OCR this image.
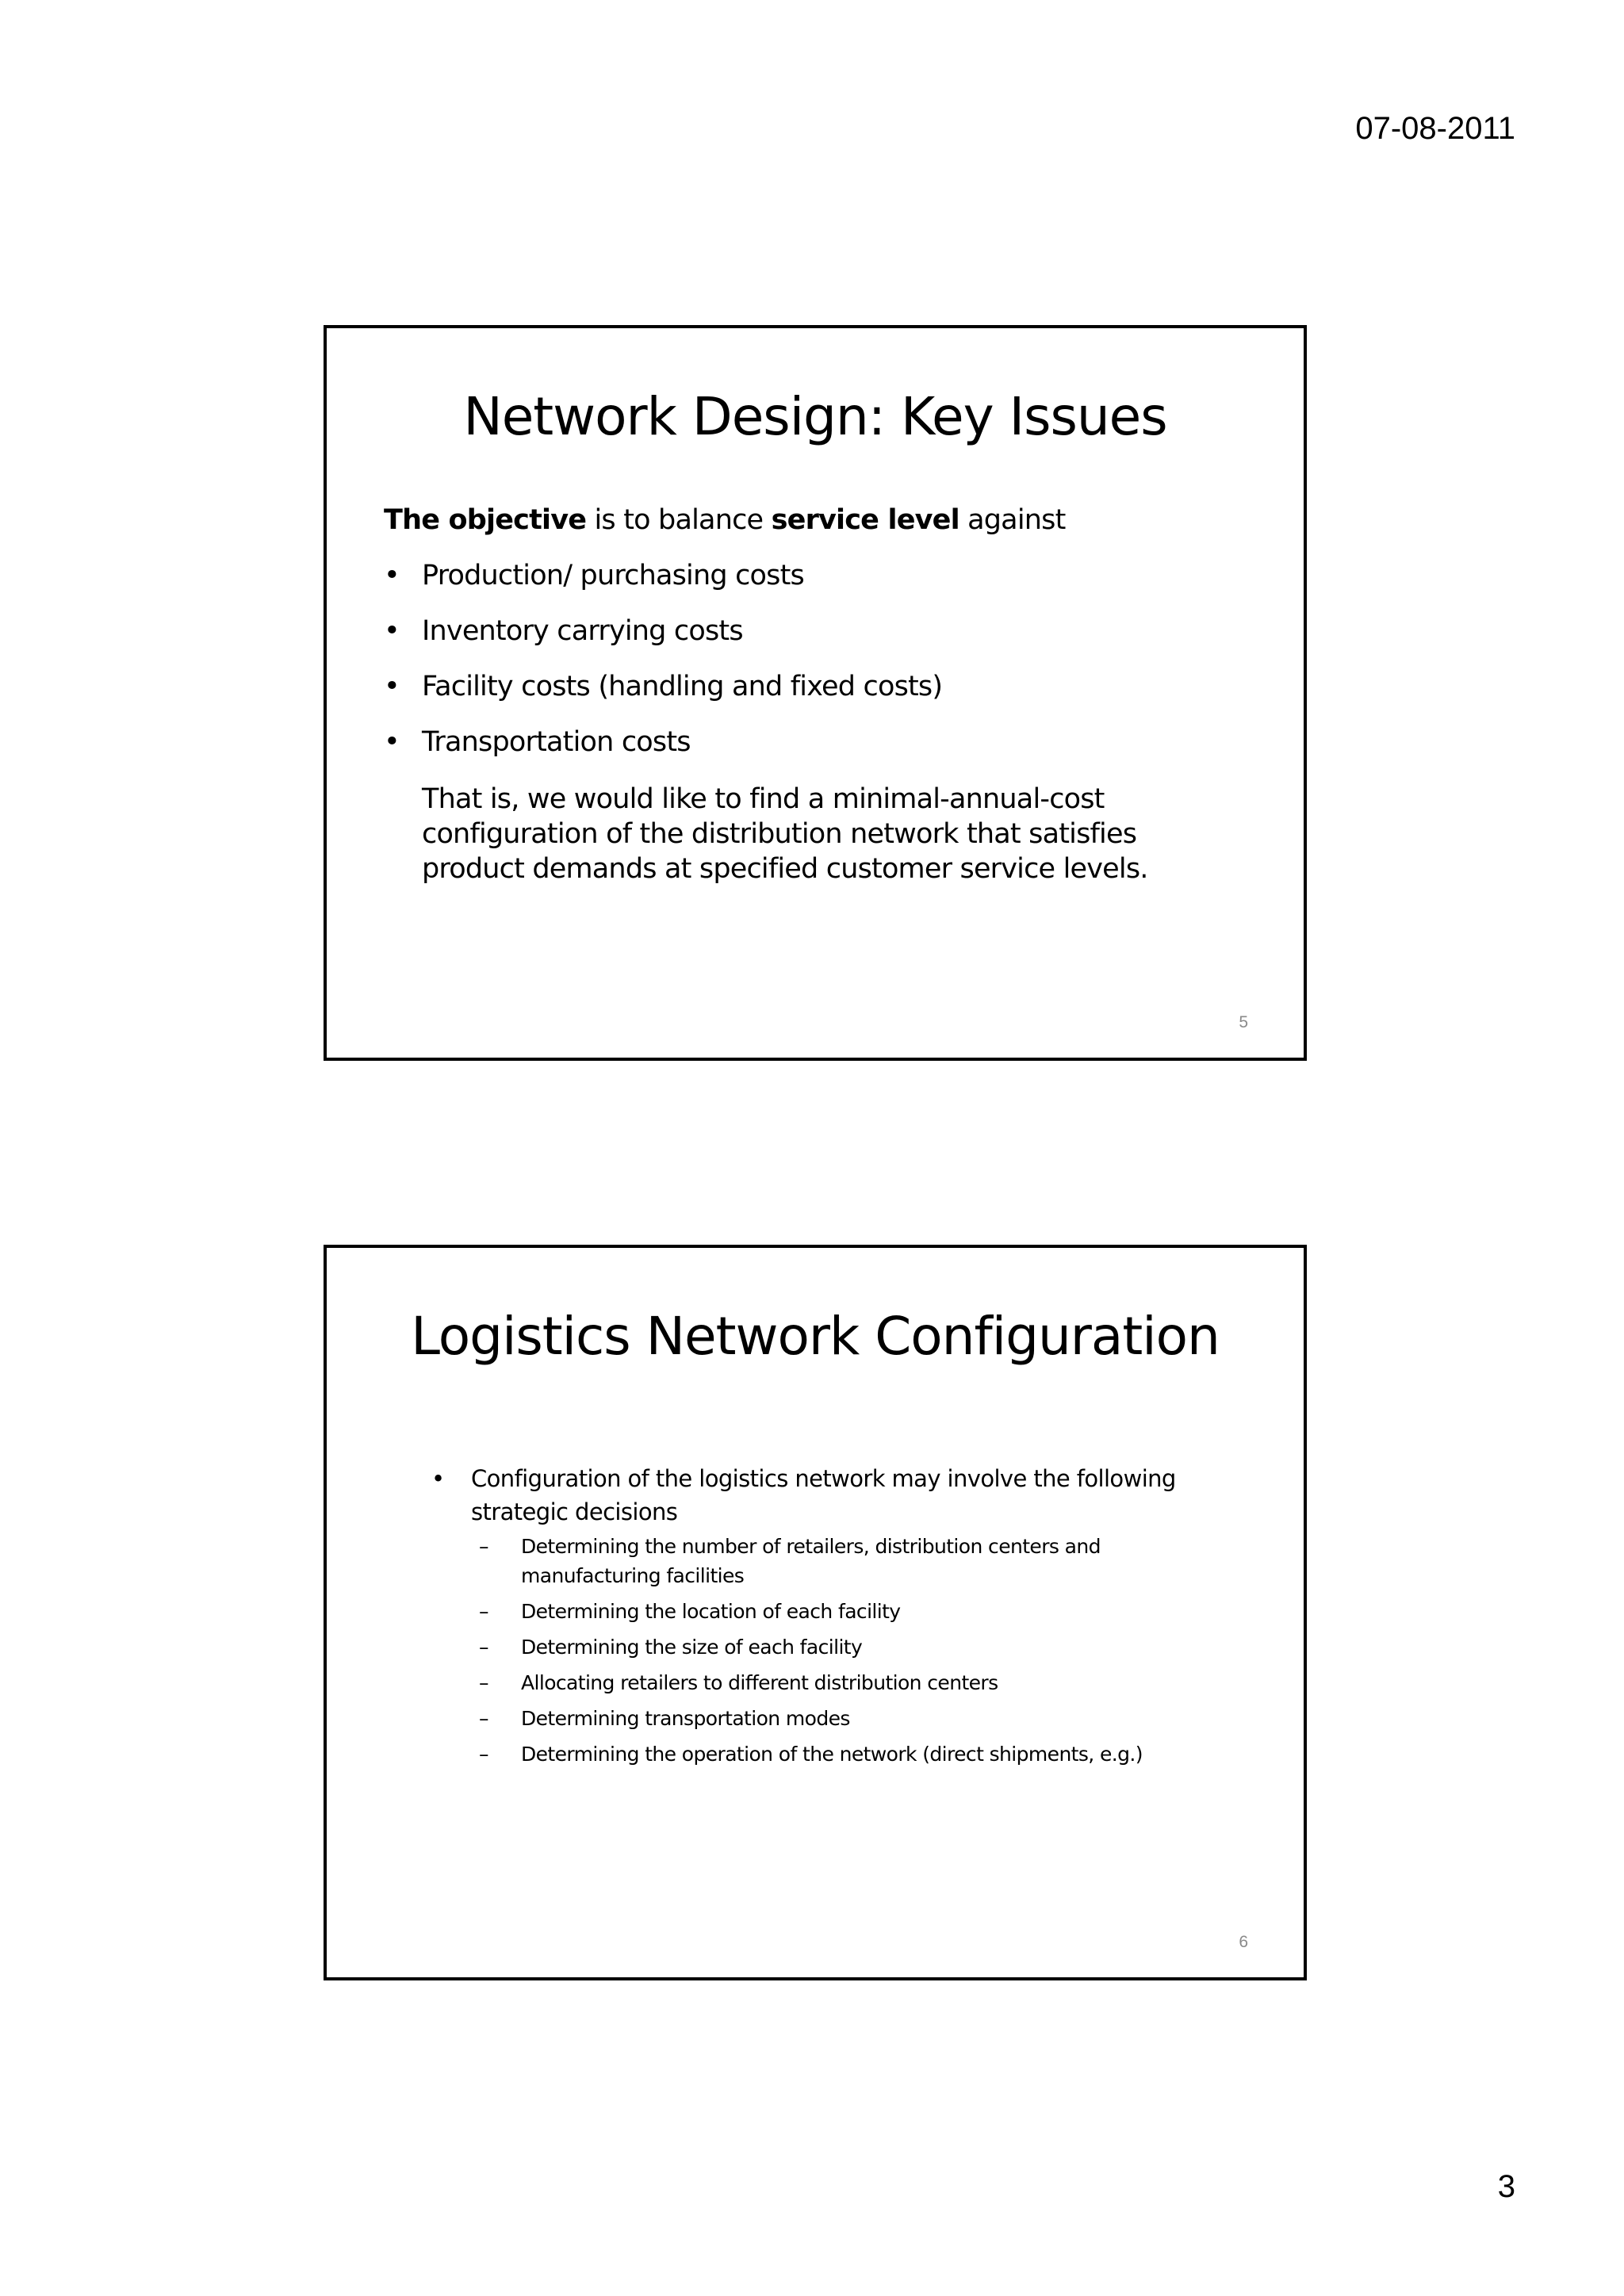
07-08-2011
Network Design: Key Issues

The objective is to balance service level against

• Production/ purchasing costs
• Inventory carrying costs
• Facility costs (handling and fixed costs)
• Transportation costs

That is, we would like to find a minimal-annual-cost configuration of the distribution network that satisfies product demands at specified customer service levels.

5
Logistics Network Configuration
• Configuration of the logistics network may involve the following strategic decisions
– Determining the number of retailers, distribution centers and manufacturing facilities
– Determining the location of each facility
– Determining the size of each facility
– Allocating retailers to different distribution centers
– Determining transportation modes
– Determining the operation of the network (direct shipments, e.g.)
6
3
